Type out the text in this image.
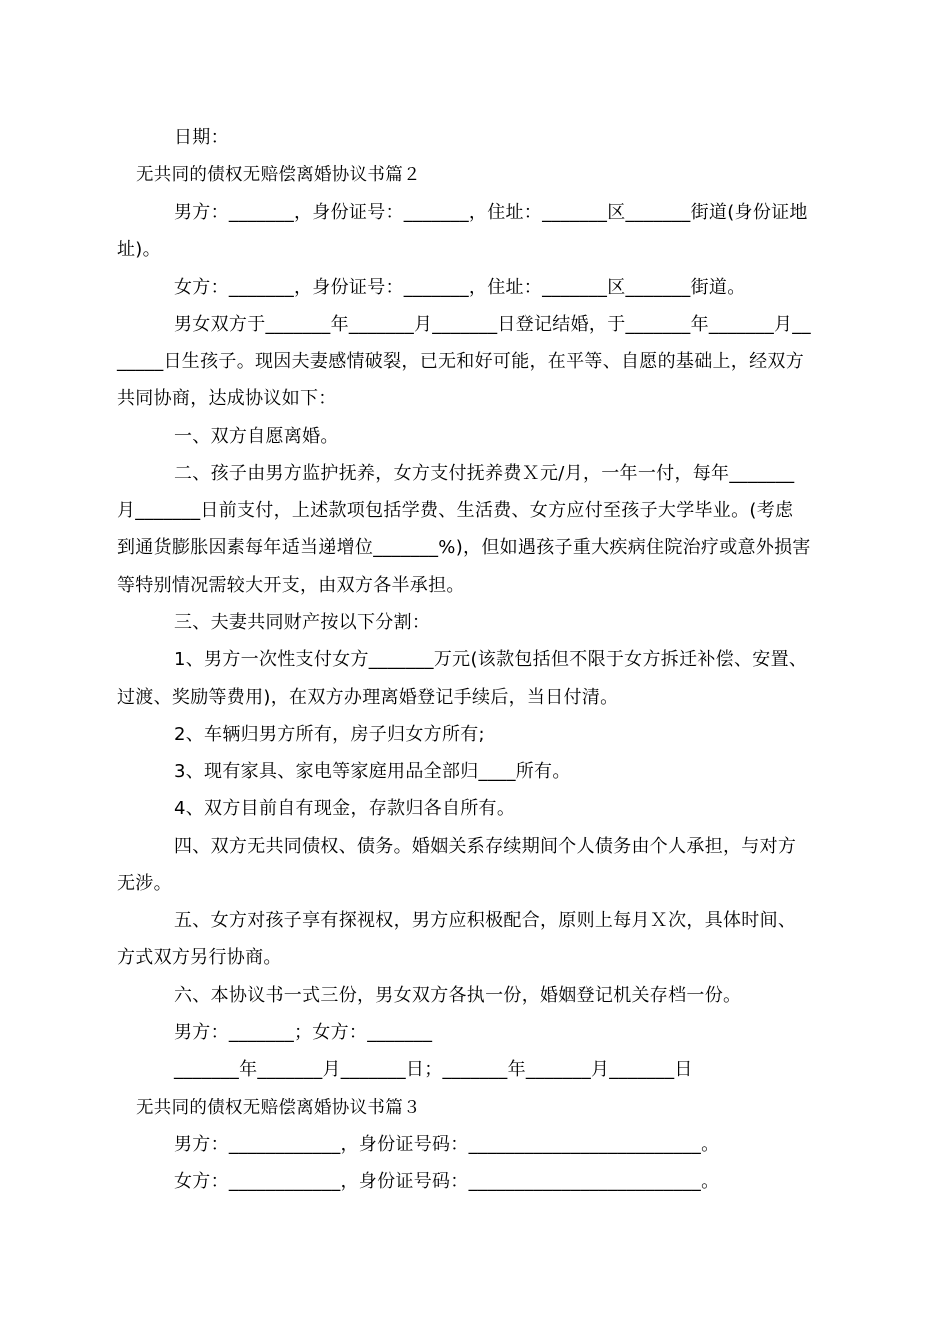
日期：
无共同的债权无赔偿离婚协议书篇２
男方：_______，身份证号：_______，住址：_______区_______街道(身份证地
址)。
女方：_______，身份证号：_______，住址：_______区_______街道。
男女双方于_______年_______月_______日登记结婚，于_______年_______月__
_____日生孩子。现因夫妻感情破裂，已无和好可能，在平等、自愿的基础上，经双方
共同协商，达成协议如下：
一、双方自愿离婚。
二、孩子由男方监护抚养，女方支付抚养费Ｘ元/月，一年一付，每年_______
月_______日前支付，上述款项包括学费、生活费、女方应付至孩子大学毕业。(考虑
到通货膨胀因素每年适当递增位_______%)，但如遇孩子重大疾病住院治疗或意外损害
等特别情况需较大开支，由双方各半承担。
三、夫妻共同财产按以下分割：
1、男方一次性支付女方_______万元(该款包括但不限于女方拆迁补偿、安置、
过渡、奖励等费用)，在双方办理离婚登记手续后，当日付清。
2、车辆归男方所有，房子归女方所有;
3、现有家具、家电等家庭用品全部归____所有。
4、双方目前自有现金，存款归各自所有。
四、双方无共同债权、债务。婚姻关系存续期间个人债务由个人承担，与对方
无涉。
五、女方对孩子享有探视权，男方应积极配合，原则上每月Ｘ次，具体时间、
方式双方另行协商。
六、本协议书一式三份，男女双方各执一份，婚姻登记机关存档一份。
男方：_______；女方：_______
_______年_______月_______日；_______年_______月_______日
无共同的债权无赔偿离婚协议书篇３
男方：____________，身份证号码：_________________________。
女方：____________，身份证号码：_________________________。
